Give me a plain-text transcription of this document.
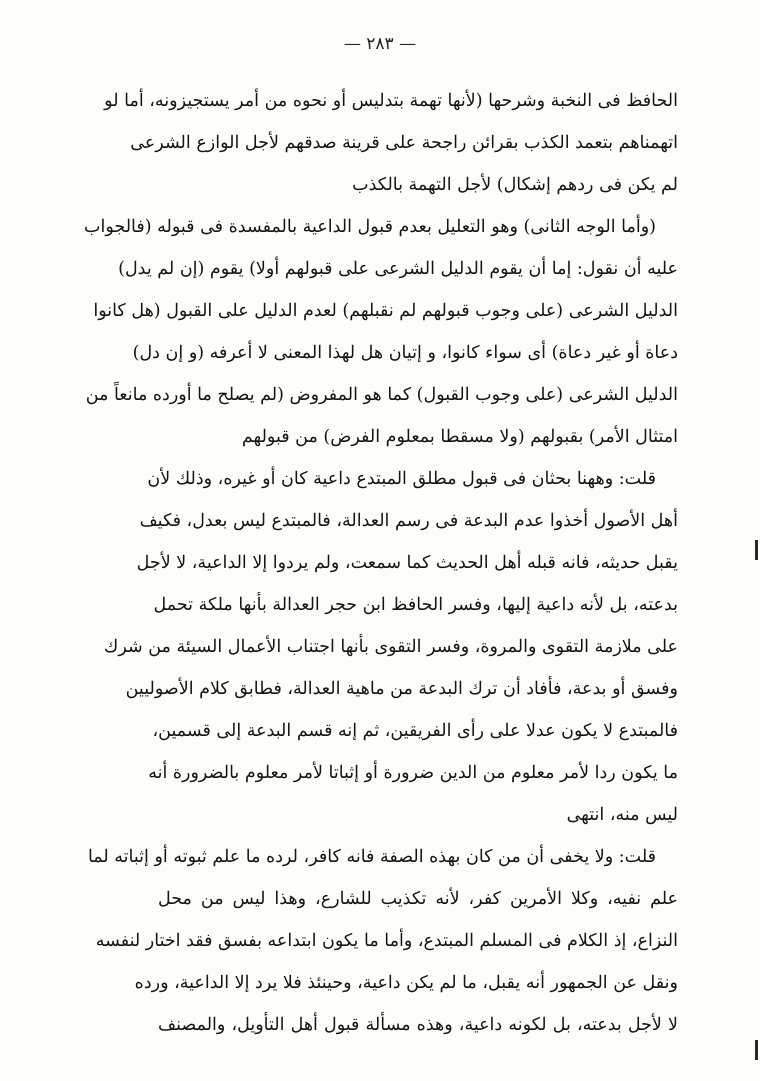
— ٢٨٣ —
الحافظ فى النخبة وشرحها (لأنها تهمة بتدليس أو نحوه من أمر يستجيزونه، أما لو
اتهمناهم بتعمد الكذب بقرائن راجحة على قرينة صدقهم لأجل الوازع الشرعى
لم يكن فى ردهم إشكال) لأجل التهمة بالكذب
(وأما الوجه الثانى) وهو التعليل بعدم قبول الداعية بالمفسدة فى قبوله (فالجواب
عليه أن نقول: إما أن يقوم الدليل الشرعى على قبولهم أولا) يقوم (إن لم يدل)
الدليل الشرعى (على وجوب قبولهم لم نقبلهم) لعدم الدليل على القبول (هل كانوا
دعاة أو غير دعاة) أى سواء كانوا، و إتيان هل لهذا المعنى لا أعرفه (و إن دل)
الدليل الشرعى (على وجوب القبول) كما هو المفروض (لم يصلح ما أورده مانعاً من
امتثال الأمر) بقبولهم (ولا مسقطا بمعلوم الفرض) من قبولهم
قلت: وههنا بحثان فى قبول مطلق المبتدع داعية كان أو غيره، وذلك لأن
أهل الأصول أخذوا عدم البدعة فى رسم العدالة، فالمبتدع ليس بعدل، فكيف
يقبل حديثه، فانه قبله أهل الحديث كما سمعت، ولم يردوا إلا الداعية، لا لأجل
بدعته، بل لأنه داعية إليها، وفسر الحافظ ابن حجر العدالة بأنها ملكة تحمل
على ملازمة التقوى والمروة، وفسر التقوى بأنها اجتناب الأعمال السيئة من شرك
وفسق أو بدعة، فأفاد أن ترك البدعة من ماهية العدالة، فطابق كلام الأصوليين
فالمبتدع لا يكون عدلا على رأى الفريقين، ثم إنه قسم البدعة إلى قسمين،
ما يكون ردا لأمر معلوم من الدين ضرورة أو إثباتا لأمر معلوم بالضرورة أنه
ليس منه، انتهى
قلت: ولا يخفى أن من كان بهذه الصفة فانه كافر، لرده ما علم ثبوته أو إثباته لما
علم نفيه، وكلا الأمرين كفر، لأنه تكذيب للشارع، وهذا ليس من محل
النزاع، إذ الكلام فى المسلم المبتدع، وأما ما يكون ابتداعه بفسق فقد اختار لنفسه
ونقل عن الجمهور أنه يقبل، ما لم يكن داعية، وحينئذ فلا يرد إلا الداعية، ورده
لا لأجل بدعته، بل لكونه داعية، وهذه مسألة قبول أهل التأويل، والمصنف
